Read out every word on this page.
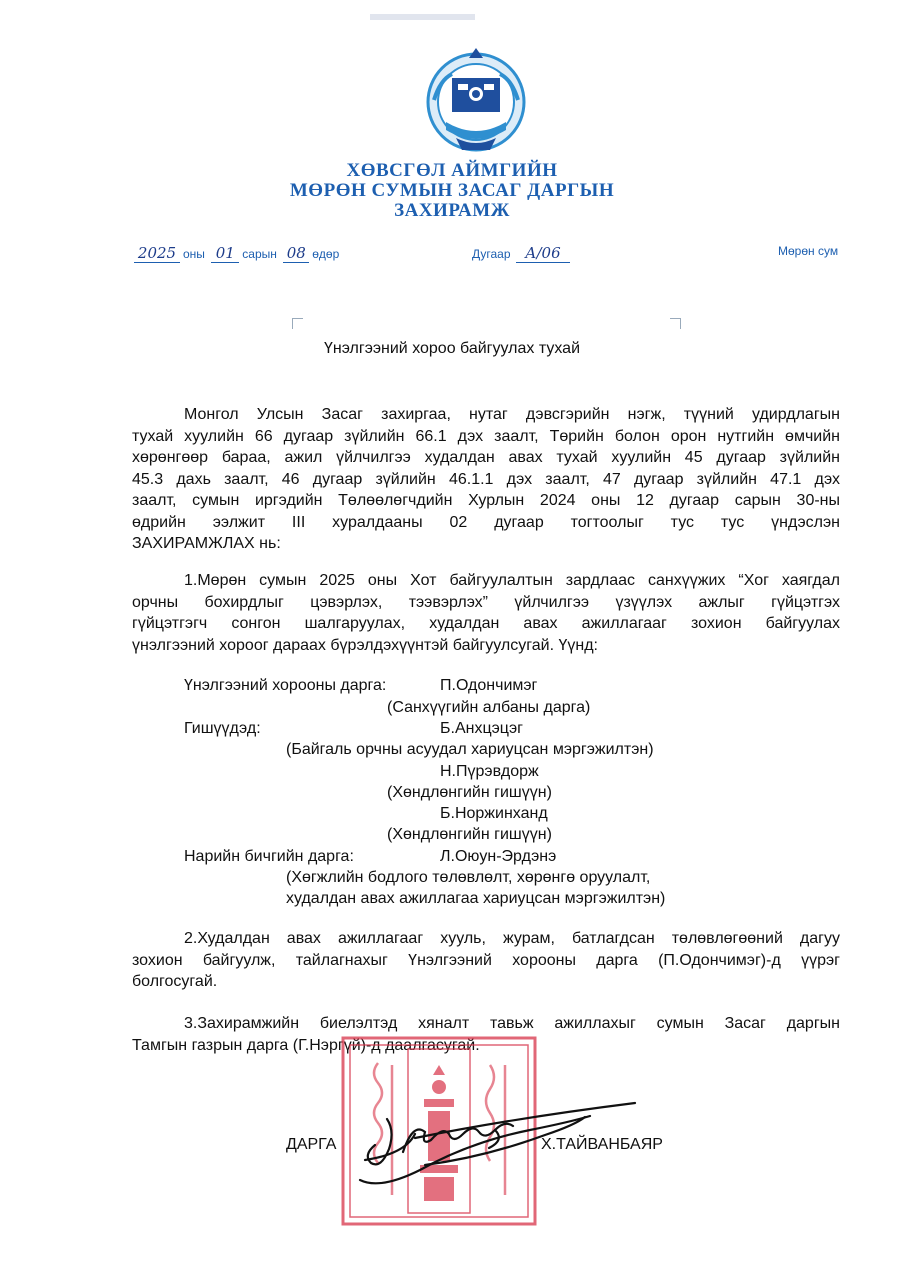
ХӨВСГӨЛ АЙМГИЙН
МӨРӨН СУМЫН ЗАСАГ ДАРГЫН
ЗАХИРАМЖ
2025 оны 01 сарын 08 өдөр	Дугаар А/06	Мөрөн сум
Үнэлгээний хороо байгуулах тухай
Монгол Улсын Засаг захиргаа, нутаг дэвсгэрийн нэгж, түүний удирдлагын
тухай хуулийн 66 дугаар зүйлийн 66.1 дэх заалт, Төрийн болон орон нутгийн өмчийн
хөрөнгөөр бараа, ажил үйлчилгээ худалдан авах тухай хуулийн 45 дугаар зүйлийн
45.3 дахь заалт, 46 дугаар зүйлийн 46.1.1 дэх заалт, 47 дугаар зүйлийн 47.1 дэх
заалт, сумын иргэдийн Төлөөлөгчдийн Хурлын 2024 оны 12 дугаар сарын 30-ны
өдрийн ээлжит III хуралдааны 02 дугаар тогтоолыг тус тус үндэслэн
ЗАХИРАМЖЛАХ нь:
1.Мөрөн сумын 2025 оны Хот байгуулалтын зардлаас санхүүжих “Хог хаягдал
орчны бохирдлыг цэвэрлэх, тээвэрлэх” үйлчилгээ үзүүлэх ажлыг гүйцэтгэх
гүйцэтгэгч сонгон шалгаруулах, худалдан авах ажиллагааг зохион байгуулах
үнэлгээний хороог дараах бүрэлдэхүүнтэй байгуулсугай. Үүнд:
Үнэлгээний хорооны дарга:	П.Одончимэг
(Санхүүгийн албаны дарга)
Гишүүдэд:	Б.Анхцэцэг
(Байгаль орчны асуудал хариуцсан мэргэжилтэн)
Н.Пүрэвдорж
(Хөндлөнгийн гишүүн)
Б.Норжинханд
(Хөндлөнгийн гишүүн)
Нарийн бичгийн дарга:	Л.Оюун-Эрдэнэ
(Хөгжлийн бодлого төлөвлөлт, хөрөнгө оруулалт,
худалдан авах ажиллагаа хариуцсан мэргэжилтэн)
2.Худалдан авах ажиллагааг хууль, журам, батлагдсан төлөвлөгөөний дагуу
зохион байгуулж, тайлагнахыг Үнэлгээний хорооны дарга (П.Одончимэг)-д үүрэг
болгосугай.
3.Захирамжийн биелэлтэд хяналт тавьж ажиллахыг сумын Засаг даргын
Тамгын газрын дарга (Г.Нэргүй)-д даалгасугай.
ДАРГА	Х.ТАЙВАНБАЯР
